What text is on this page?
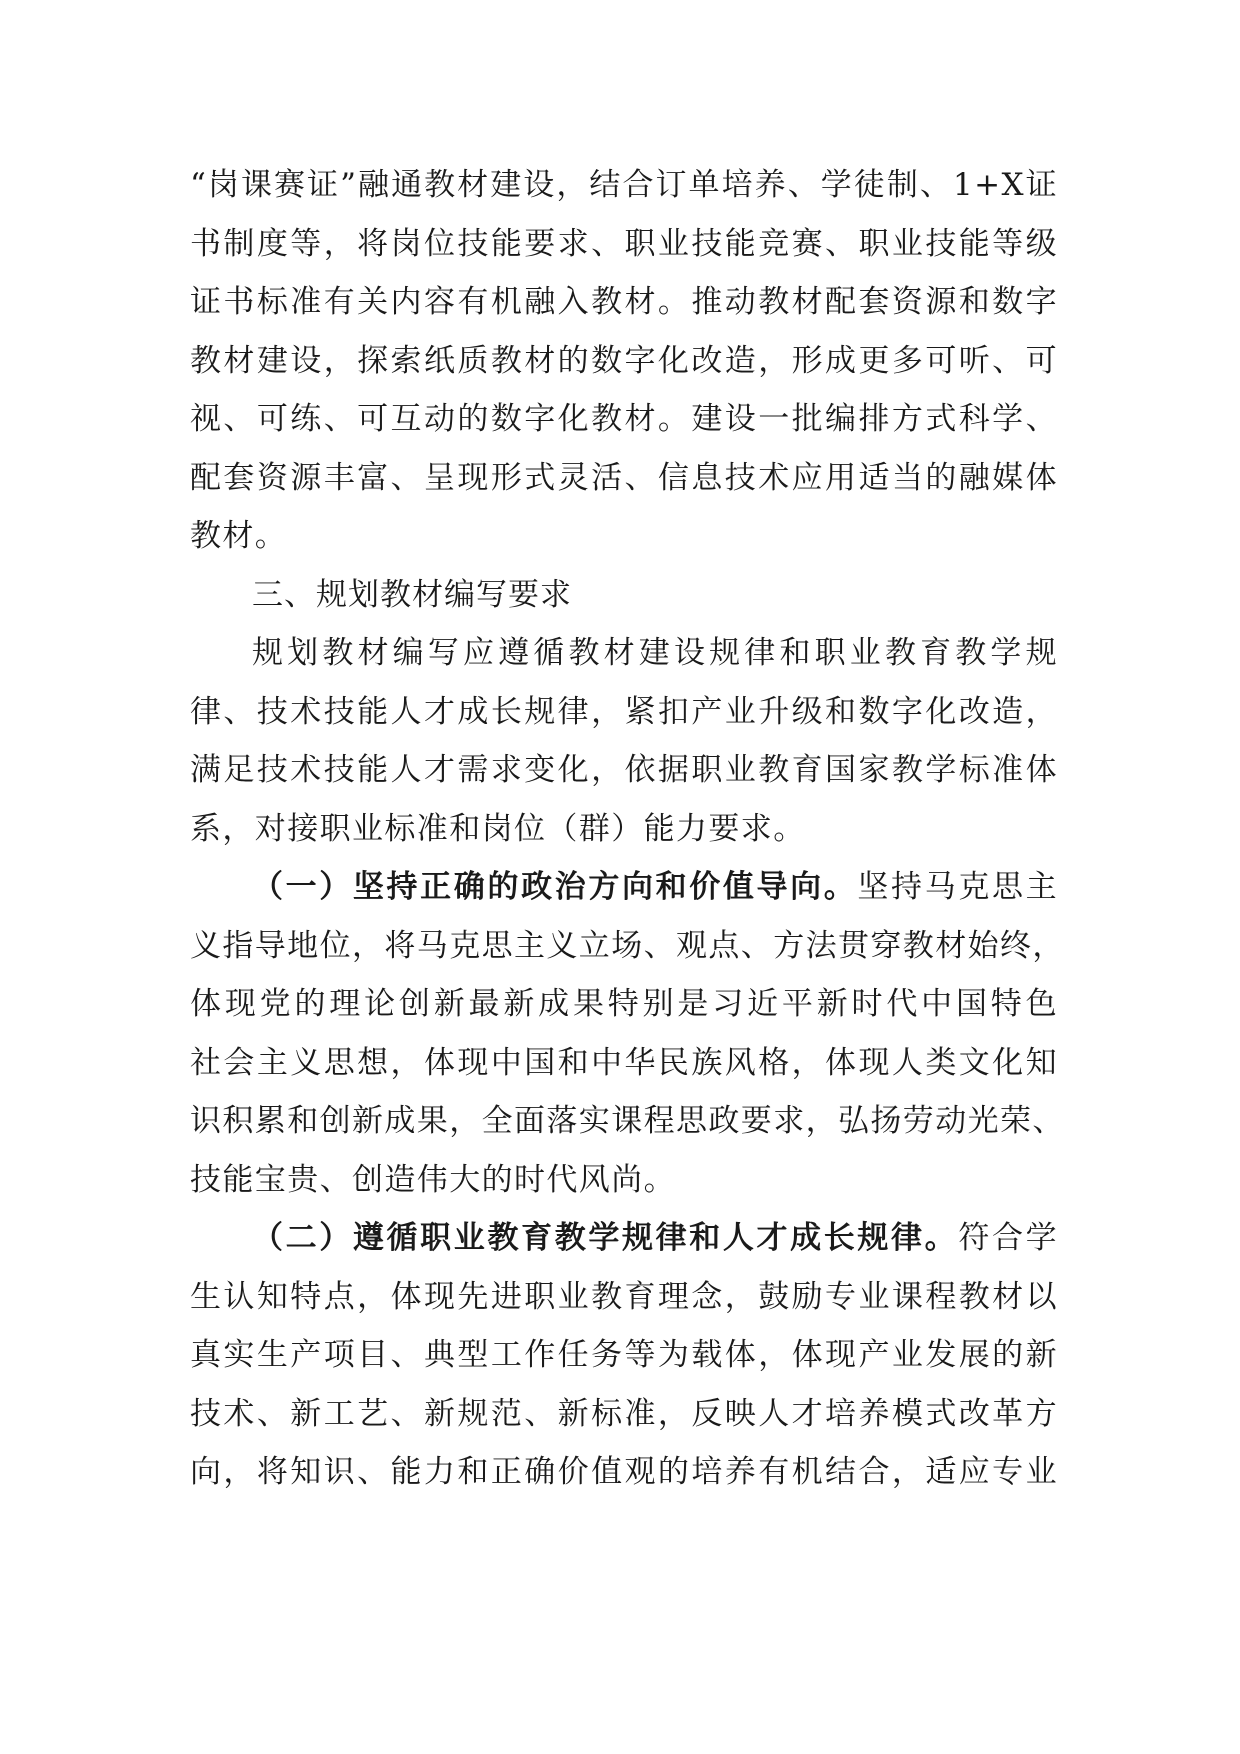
“岗课赛证”融通教材建设，结合订单培养、学徒制、1+X证
书制度等，将岗位技能要求、职业技能竞赛、职业技能等级
证书标准有关内容有机融入教材。推动教材配套资源和数字
教材建设，探索纸质教材的数字化改造，形成更多可听、可
视、可练、可互动的数字化教材。建设一批编排方式科学、
配套资源丰富、呈现形式灵活、信息技术应用适当的融媒体
教材。
三、规划教材编写要求
规划教材编写应遵循教材建设规律和职业教育教学规
律、技术技能人才成长规律，紧扣产业升级和数字化改造，
满足技术技能人才需求变化，依据职业教育国家教学标准体
系，对接职业标准和岗位（群）能力要求。
（一）坚持正确的政治方向和价值导向。坚持马克思主
义指导地位，将马克思主义立场、观点、方法贯穿教材始终，
体现党的理论创新最新成果特别是习近平新时代中国特色
社会主义思想，体现中国和中华民族风格，体现人类文化知
识积累和创新成果，全面落实课程思政要求，弘扬劳动光荣、
技能宝贵、创造伟大的时代风尚。
（二）遵循职业教育教学规律和人才成长规律。符合学
生认知特点，体现先进职业教育理念，鼓励专业课程教材以
真实生产项目、典型工作任务等为载体，体现产业发展的新
技术、新工艺、新规范、新标准，反映人才培养模式改革方
向，将知识、能力和正确价值观的培养有机结合，适应专业
